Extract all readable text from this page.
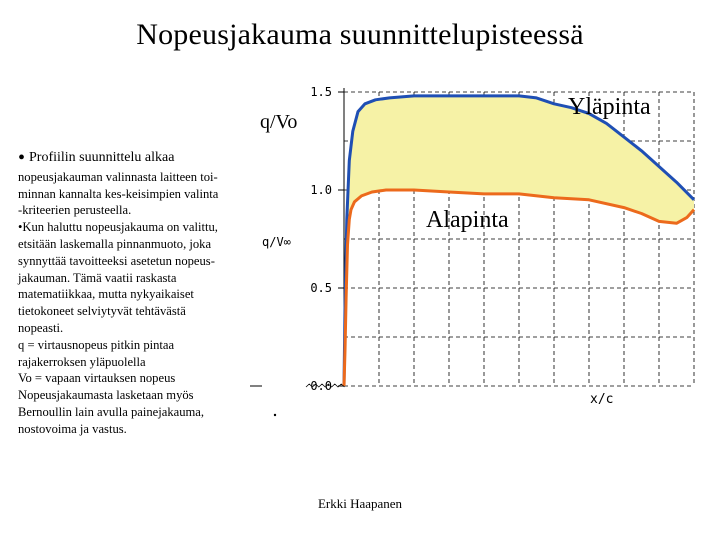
Nopeusjakauma suunnittelupisteessä
• Profiilin suunnittelu alkaa
nopeusjakauman valinnasta laitteen toi-
minnan kannalta kes-keisimpien valinta
-kriteerien perusteella.
•Kun haluttu nopeusjakauma on valittu,
etsitään laskemalla pinnanmuoto, joka
synnyttää tavoitteeksi asetetun nopeus-
jakauman. Tämä vaatii raskasta
matematiikkaa, mutta nykyaikaiset
tietokoneet selviytyvät tehtävästä
nopeasti.
q = virtausnopeus pitkin pintaa
rajakerroksen yläpuolella
Vo = vapaan virtauksen nopeus
Nopeusjakaumasta lasketaan myös
Bernoullin lain avulla painejakauma,
nostovoima ja vastus.
1.5
1.0
0.5
0.0
q/Vo
q/V∞
x/c
Yläpinta
Alapinta
Erkki Haapanen
